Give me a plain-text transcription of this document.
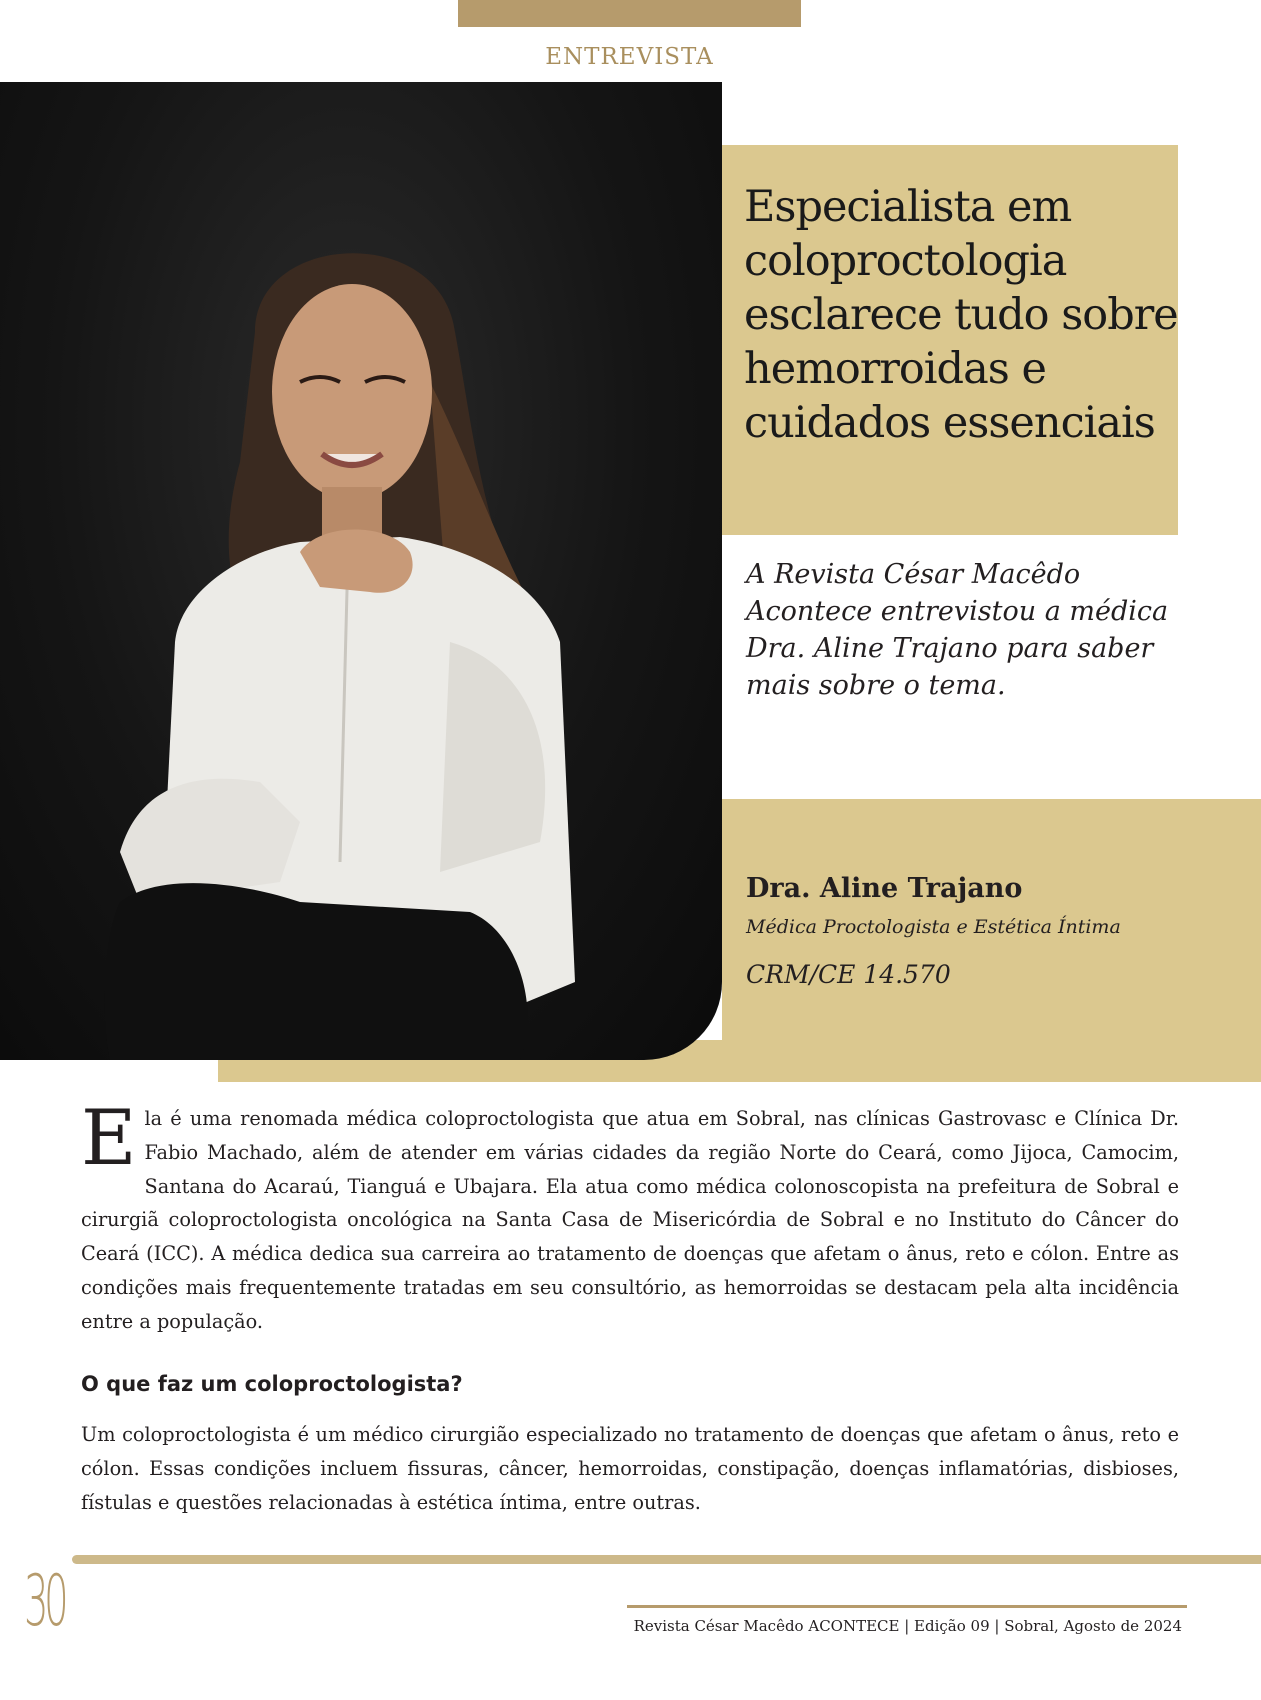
ENTREVISTA
Especialista em coloproctologia esclarece tudo sobre hemorroidas e cuidados essenciais

A Revista César Macêdo Acontece entrevistou a médica Dra. Aline Trajano para saber mais sobre o tema.

Dra. Aline Trajano
Médica Proctologista e Estética Íntima
CRM/CE 14.570

Ela é uma renomada médica coloproctologista que atua em Sobral, nas clínicas Gastrovasc e Clínica Dr. Fabio Machado, além de atender em várias cidades da região Norte do Ceará, como Jijoca, Camocim, Santana do Acaraú, Tianguá e Ubajara. Ela atua como médica colonoscopista na prefeitura de Sobral e cirurgiã coloproctologista oncológica na Santa Casa de Misericórdia de Sobral e no Instituto do Câncer do Ceará (ICC). A médica dedica sua carreira ao tratamento de doenças que afetam o ânus, reto e cólon. Entre as condições mais frequentemente tratadas em seu consultório, as hemorroidas se destacam pela alta incidência entre a população.

O que faz um coloproctologista?

Um coloproctologista é um médico cirurgião especializado no tratamento de doenças que afetam o ânus, reto e cólon. Essas condições incluem fissuras, câncer, hemorroidas, constipação, doenças inflamatórias, disbioses, fístulas e questões relacionadas à estética íntima, entre outras.

30	Revista César Macêdo ACONTECE | Edição 09 | Sobral, Agosto de 2024
